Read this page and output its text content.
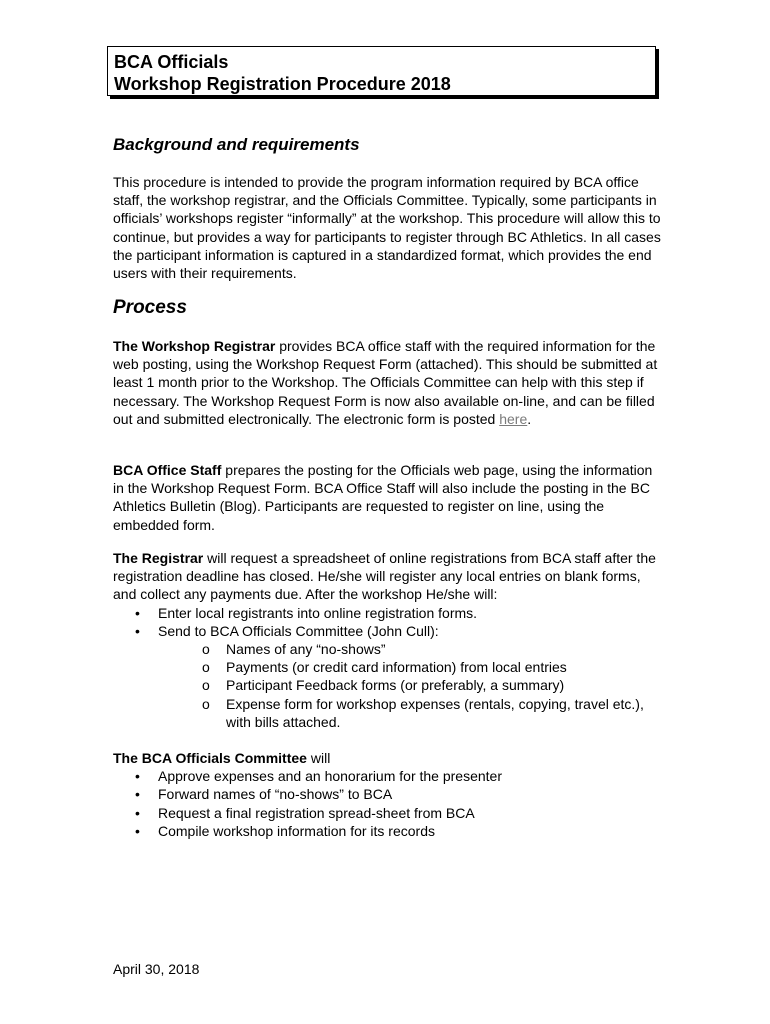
BCA Officials
Workshop Registration Procedure 2018
Background and requirements

This procedure is intended to provide the program information required by BCA office staff, the workshop registrar, and the Officials Committee. Typically, some participants in officials’ workshops register “informally” at the workshop. This procedure will allow this to continue, but provides a way for participants to register through BC Athletics. In all cases the participant information is captured in a standardized format, which provides the end users with their requirements.

Process

The Workshop Registrar provides BCA office staff with the required information for the web posting, using the Workshop Request Form (attached). This should be submitted at least 1 month prior to the Workshop. The Officials Committee can help with this step if necessary. The Workshop Request Form is now also available on-line, and can be filled out and submitted electronically. The electronic form is posted here.

BCA Office Staff prepares the posting for the Officials web page, using the information in the Workshop Request Form. BCA Office Staff will also include the posting in the BC Athletics Bulletin (Blog). Participants are requested to register on line, using the embedded form.

The Registrar will request a spreadsheet of online registrations from BCA staff after the registration deadline has closed. He/she will register any local entries on blank forms, and collect any payments due. After the workshop He/she will:
• Enter local registrants into online registration forms.
• Send to BCA Officials Committee (John Cull):
o Names of any “no-shows”
o Payments (or credit card information) from local entries
o Participant Feedback forms (or preferably, a summary)
o Expense form for workshop expenses (rentals, copying, travel etc.), with bills attached.
The BCA Officials Committee will
• Approve expenses and an honorarium for the presenter
• Forward names of “no-shows” to BCA
• Request a final registration spread-sheet from BCA
• Compile workshop information for its records
April 30, 2018
